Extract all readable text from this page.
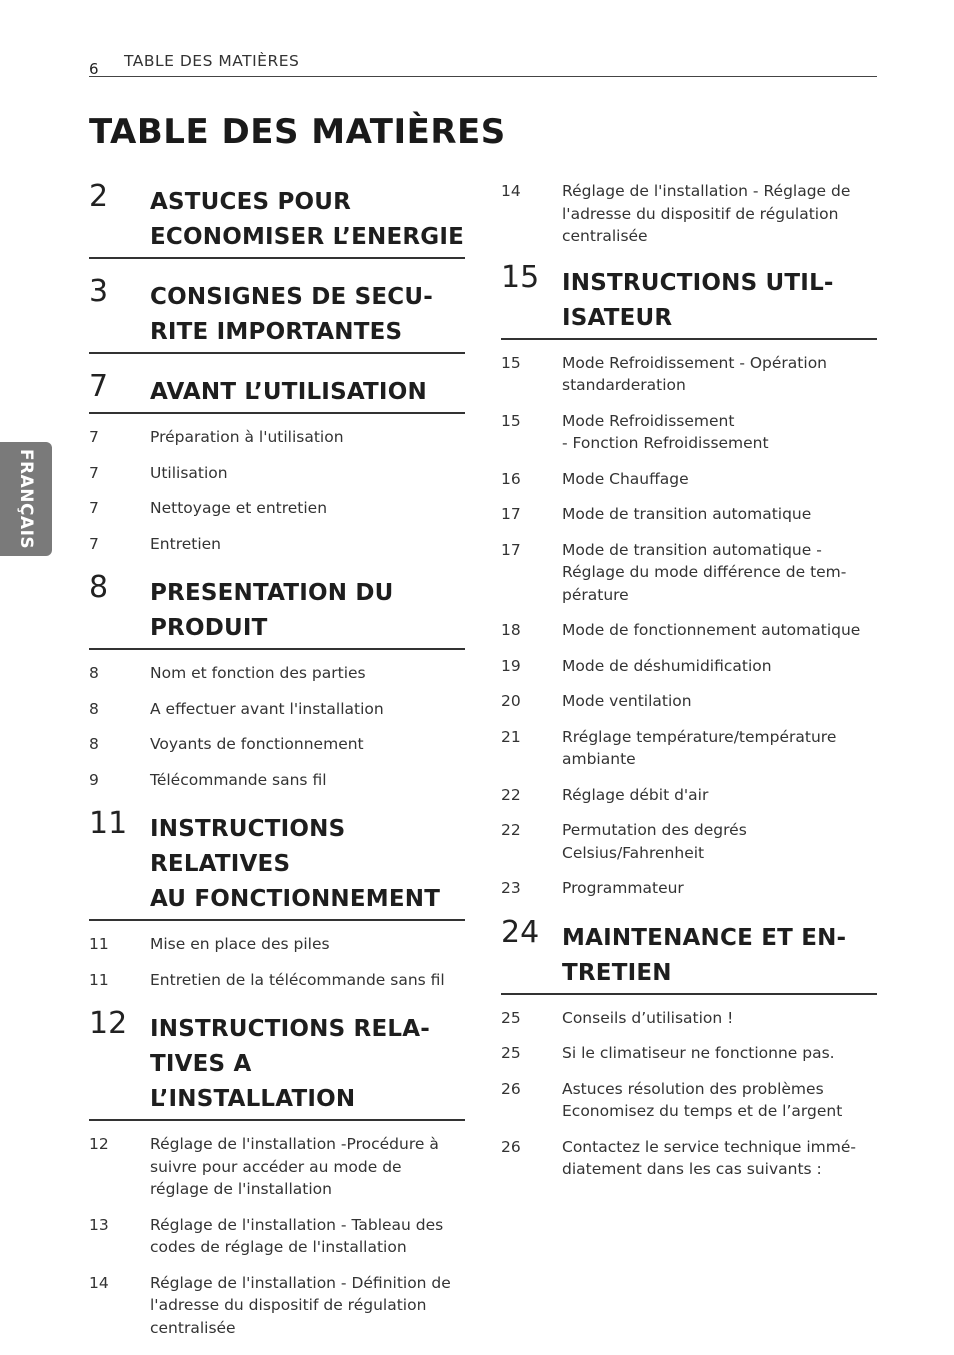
6 TABLE DES MATIÈRES
TABLE DES MATIÈRES
FRANÇAIS
2	ASTUCES POUR
ECONOMISER L’ENERGIE
3	CONSIGNES DE SECU-
RITE IMPORTANTES
7	AVANT L’UTILISATION
7	Préparation à l'utilisation
7	Utilisation
7	Nettoyage et entretien
7	Entretien
8	PRESENTATION DU
PRODUIT
8	Nom et fonction des parties
8	A effectuer avant l'installation
8	Voyants de fonctionnement
9	Télécommande sans fil
11 INSTRUCTIONS RELATIVES
AU FONCTIONNEMENT
11	Mise en place des piles
11	Entretien de la télécommande sans fil
12 INSTRUCTIONS RELA-
TIVES A L’INSTALLATION
12	Réglage de l'installation -Procédure à
suivre pour accéder au mode de
réglage de l'installation
13	Réglage de l'installation - Tableau des
codes de réglage de l'installation
14	Réglage de l'installation - Définition de
l'adresse du dispositif de régulation
centralisée
14	Réglage de l'installation - Réglage de
l'adresse du dispositif de régulation
centralisée
15 INSTRUCTIONS UTIL-
ISATEUR
15	Mode Refroidissement - Opération
standarderation
15	Mode Refroidissement
- Fonction Refroidissement
16	Mode Chauffage
17	Mode de transition automatique
17	Mode de transition automatique -
Réglage du mode différence de tem-
pérature
18	Mode de fonctionnement automatique
19	Mode de déshumidification
20	Mode ventilation
21	Rréglage température/température
ambiante
22	Réglage débit d'air
22	Permutation des degrés
Celsius/Fahrenheit
23	Programmateur
24 MAINTENANCE ET EN-
TRETIEN
25	Conseils d’utilisation !
25	Si le climatiseur ne fonctionne pas.
26	Astuces résolution des problèmes
Economisez du temps et de l’argent
26	Contactez le service technique immé-
diatement dans les cas suivants :
